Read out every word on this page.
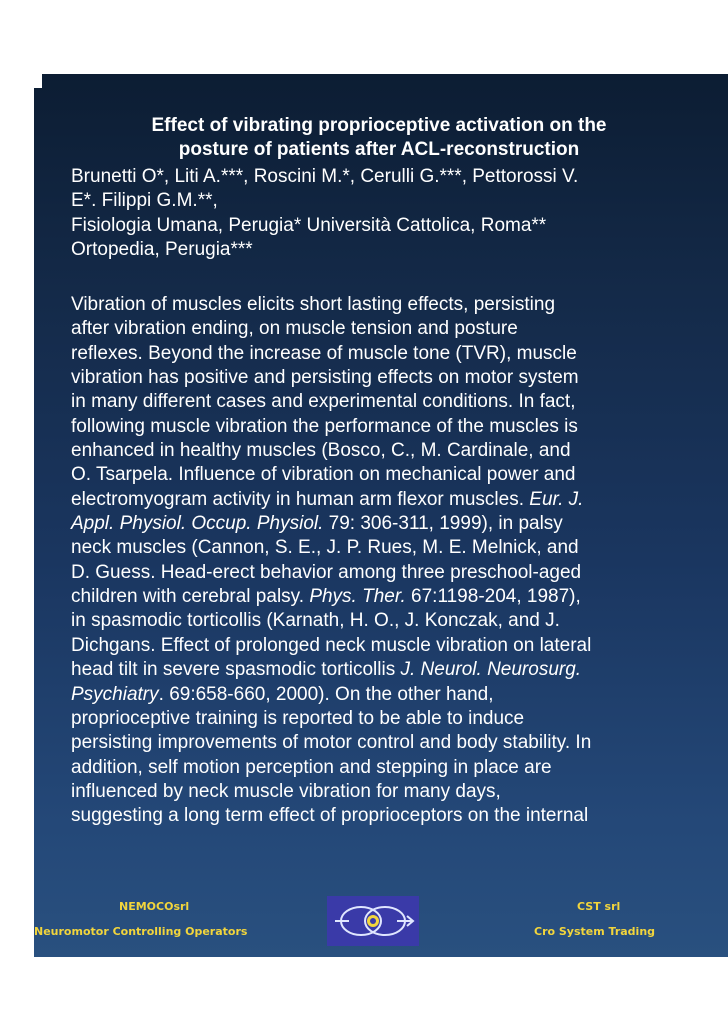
Effect of vibrating proprioceptive activation on the
posture of patients after ACL-reconstruction
Brunetti O*, Liti A.***, Roscini M.*, Cerulli G.***, Pettorossi V.
E*. Filippi G.M.**,
Fisiologia Umana, Perugia* Università Cattolica, Roma**
Ortopedia, Perugia***
Vibration of muscles elicits short lasting effects, persisting
after vibration ending, on muscle tension and posture
reflexes. Beyond the increase of muscle tone (TVR), muscle
vibration has positive and persisting effects on motor system
in many different cases and experimental conditions. In fact,
following muscle vibration the performance of the muscles is
enhanced in healthy muscles (Bosco, C., M. Cardinale, and
O. Tsarpela. Influence of vibration on mechanical power and
electromyogram activity in human arm flexor muscles. Eur. J.
Appl. Physiol. Occup. Physiol. 79: 306-311, 1999), in palsy
neck muscles (Cannon, S. E., J. P. Rues, M. E. Melnick, and
D. Guess. Head-erect behavior among three preschool-aged
children with cerebral palsy. Phys. Ther. 67:1198-204, 1987),
in spasmodic torticollis (Karnath, H. O., J. Konczak, and J.
Dichgans. Effect of prolonged neck muscle vibration on lateral
head tilt in severe spasmodic torticollis J. Neurol. Neurosurg.
Psychiatry. 69:658-660, 2000). On the other hand,
proprioceptive training is reported to be able to induce
persisting improvements of motor control and body stability. In
addition, self motion perception and stepping in place are
influenced by neck muscle vibration for many days,
suggesting a long term effect of proprioceptors on the internal
NEMOCOsrl
Neuromotor Controlling Operators
CST srl
Cro System Trading
